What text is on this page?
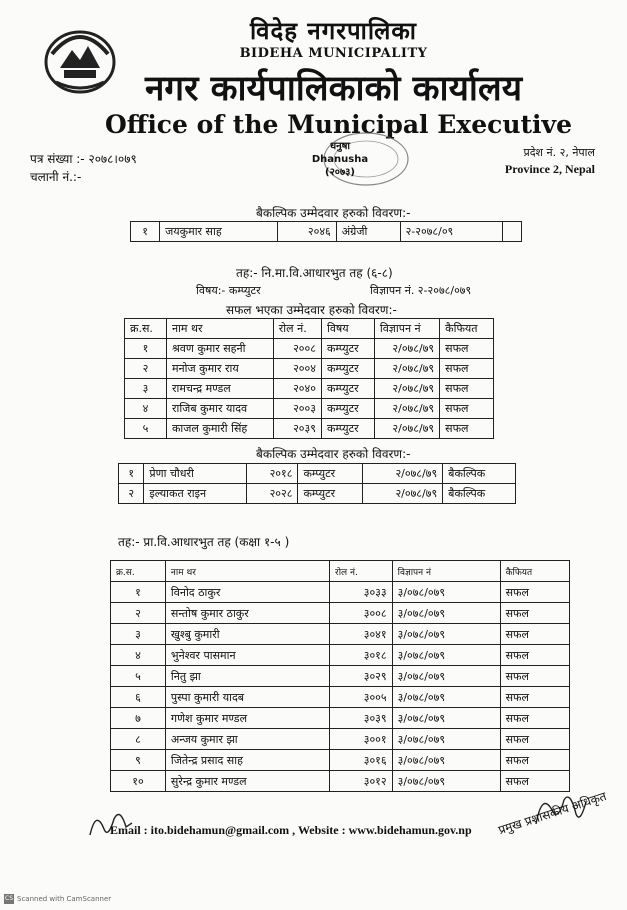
विदेह नगरपालिका
BIDEHA MUNICIPALITY
नगर कार्यपालिकाको कार्यालय
Office of the Municipal Executive
पत्र संख्या :- २०७८।०७९
चलानी नं.:-
धनुषा
Dhanusha
(२०७३)
प्रदेश नं. २, नेपाल
Province 2, Nepal
बैकल्पिक उम्मेदवार हरुको विवरण:-
१	जयकुमार साह	२०४६	अंग्रेजी	२-२०७८/०९	
तह:- नि.मा.वि.आधारभुत तह (६-८)
विषय:- कम्प्युटर	विज्ञापन नं. २-२०७८/०७९
सफल भएका उम्मेदवार हरुको विवरण:-
क्र.स.	नाम थर	रोल नं.	विषय	विज्ञापन नं	कैफियत
१	श्रवण कुमार सहनी	२००८	कम्प्युटर	२/०७८/७९	सफल
२	मनोज कुमार राय	२००४	कम्प्युटर	२/०७८/७९	सफल
३	रामचन्द्र मण्डल	२०४०	कम्प्युटर	२/०७८/७९	सफल
४	राजिब कुमार यादव	२००३	कम्प्युटर	२/०७८/७९	सफल
५	काजल कुमारी सिंह	२०३९	कम्प्युटर	२/०७८/७९	सफल
बैकल्पिक उम्मेदवार हरुको विवरण:-
१	प्रेणा चौधरी	२०१८	कम्प्युटर	२/०७८/७९	बैकल्पिक
२	इल्याकत राइन	२०२८	कम्प्युटर	२/०७८/७९	बैकल्पिक
तह:- प्रा.वि.आधारभुत तह (कक्षा १-५ )
क्र.स.	नाम थर	रोल नं.	विज्ञापन नं	कैफियत
१	विनोद ठाकुर	३०३३	३/०७८/०७९	सफल
२	सन्तोष कुमार ठाकुर	३००८	३/०७८/०७९	सफल
३	खुश्बु कुमारी	३०४१	३/०७८/०७९	सफल
४	भुनेश्वर पासमान	३०१८	३/०७८/०७९	सफल
५	नितु झा	३०२९	३/०७८/०७९	सफल
६	पुस्पा कुमारी यादब	३००५	३/०७८/०७९	सफल
७	गणेश कुमार मण्डल	३०३९	३/०७८/०७९	सफल
८	अन्जय कुमार झा	३००१	३/०७८/०७९	सफल
९	जितेन्द्र प्रसाद साह	३०१६	३/०७८/०७९	सफल
१०	सुरेन्द्र कुमार मण्डल	३०१२	३/०७८/०७९	सफल
Email : ito.bidehamun@gmail.com , Website : www.bidehamun.gov.np प्रमुख प्रशासकीय अधिकृत
CS Scanned with CamScanner
